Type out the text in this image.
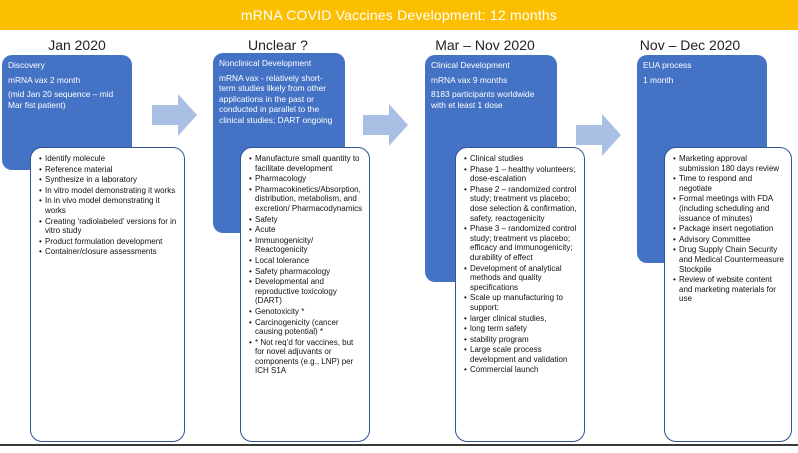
mRNA COVID Vaccines Development: 12 months
Jan 2020	Unclear ?	Mar – Nov 2020	Nov – Dec 2020

Discovery

mRNA vax 2 month

(mid Jan 20 sequence – mid Mar fist patient)

Nonclinical Development

mRNA vax - relatively short-term studies likely from other applications in the past or conducted in parallel to the clinical studies; DART ongoing

Clinical Development

mRNA vax 9 months

8183 participants worldwide with et least 1 dose

EUA process

1 month

• Identify molecule
• Reference material
• Synthesize in a laboratory
• In vitro model demonstrating it works
• In in vivo model demonstrating it works
• Creating ‘radiolabeled’ versions for in vitro study
• Product formulation development
• Container/closure assessments
• Manufacture small quantity to facilitate development
• Pharmacology
• Pharmacokinetics/Absorption, distribution, metabolism, and excretion/ Pharmacodynamics
• Safety
• Acute
• Immunogenicity/ Reactogenicity
• Local tolerance
• Safety pharmacology
• Developmental and reproductive toxicology (DART)
• Genotoxicity *
• Carcinogenicity (cancer causing potential) *
• * Not req’d for vaccines, but for novel adjuvants or components (e.g., LNP) per ICH S1A
• Clinical studies
• Phase 1 – healthy volunteers; dose-escalation
• Phase 2 – randomized control study; treatment vs placebo; dose selection & confirmation, safety, reactogenicity
• Phase 3 – randomized control study; treatment vs placebo; efficacy and immunogenicity; durability of effect
• Development of analytical methods and quality specifications
• Scale up manufacturing to support:
• larger clinical studies,
• long term safety
• stability program
• Large scale process development and validation
• Commercial launch
• Marketing approval submission 180 days review
• Time to respond and negotiate
• Formal meetings with FDA (including scheduling and issuance of minutes)
• Package insert negotiation
• Advisory Committee
• Drug Supply Chain Security and Medical Countermeasure Stockpile
• Review of website content and marketing materials for use
